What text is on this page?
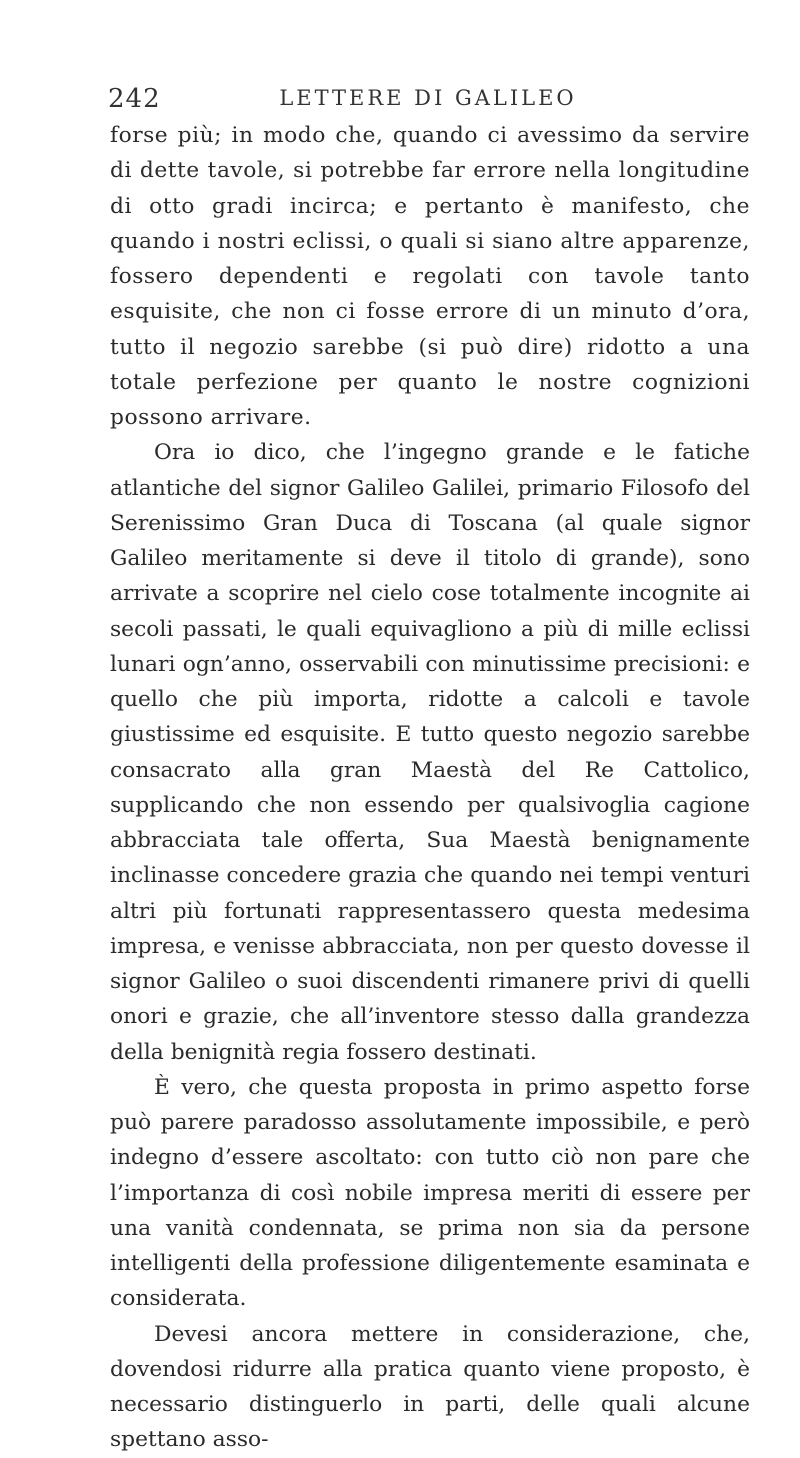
242	LETTERE DI GALILEO

forse più; in modo che, quando ci avessimo da servire di dette tavole, si potrebbe far errore nella longitudine di otto gradi incirca; e pertanto è manifesto, che quando i nostri eclissi, o quali si siano altre apparenze, fossero dependenti e regolati con tavole tanto esquisite, che non ci fosse errore di un minuto d’ora, tutto il negozio sarebbe (si può dire) ridotto a una totale perfezione per quanto le nostre cognizioni possono arrivare.

Ora io dico, che l’ingegno grande e le fatiche atlantiche del signor Galileo Galilei, primario Filosofo del Serenissimo Gran Duca di Toscana (al quale signor Galileo meritamente si deve il titolo di grande), sono arrivate a scoprire nel cielo cose totalmente incognite ai secoli passati, le quali equivagliono a più di mille eclissi lunari ogn’anno, osservabili con minutissime precisioni: e quello che più importa, ridotte a calcoli e tavole giustissime ed esquisite. E tutto questo negozio sarebbe consacrato alla gran Maestà del Re Cattolico, supplicando che non essendo per qualsivoglia cagione abbracciata tale offerta, Sua Maestà benignamente inclinasse concedere grazia che quando nei tempi venturi altri più fortunati rappresentassero questa medesima impresa, e venisse abbracciata, non per questo dovesse il signor Galileo o suoi discendenti rimanere privi di quelli onori e grazie, che all’inventore stesso dalla grandezza della benignità regia fossero destinati.

È vero, che questa proposta in primo aspetto forse può parere paradosso assolutamente impossibile, e però indegno d’essere ascoltato: con tutto ciò non pare che l’importanza di così nobile impresa meriti di essere per una vanità condennata, se prima non sia da persone intelligenti della professione diligentemente esaminata e considerata.

Devesi ancora mettere in considerazione, che, dovendosi ridurre alla pratica quanto viene proposto, è necessario distinguerlo in parti, delle quali alcune spettano asso-
